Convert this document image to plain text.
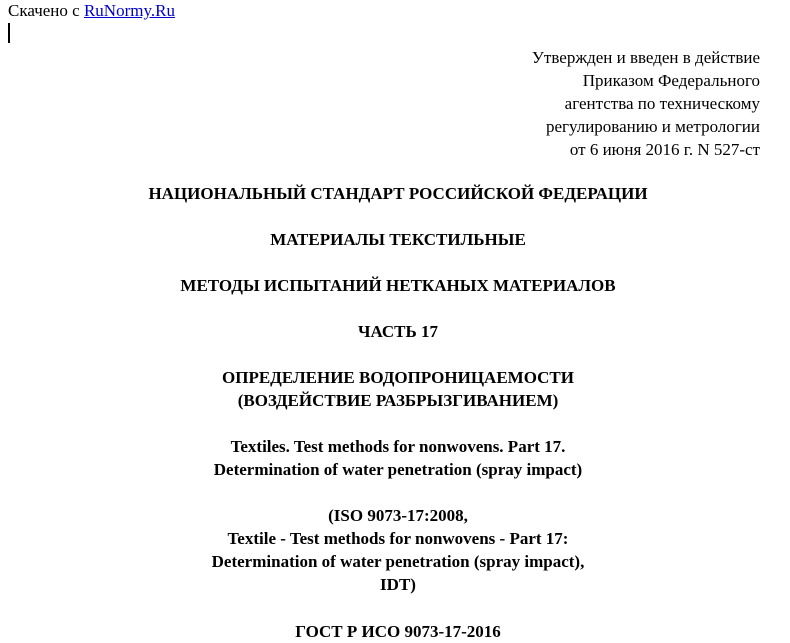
Скачено с RuNormy.Ru
Утвержден и введен в действие
Приказом Федерального
агентства по техническому
регулированию и метрологии
от 6 июня 2016 г. N 527-ст
НАЦИОНАЛЬНЫЙ СТАНДАРТ РОССИЙСКОЙ ФЕДЕРАЦИИ
МАТЕРИАЛЫ ТЕКСТИЛЬНЫЕ
МЕТОДЫ ИСПЫТАНИЙ НЕТКАНЫХ МАТЕРИАЛОВ
ЧАСТЬ 17
ОПРЕДЕЛЕНИЕ ВОДОПРОНИЦАЕМОСТИ
(ВОЗДЕЙСТВИЕ РАЗБРЫЗГИВАНИЕМ)
Textiles. Test methods for nonwovens. Part 17.
Determination of water penetration (spray impact)
(ISO 9073-17:2008,
Textile - Test methods for nonwovens - Part 17:
Determination of water penetration (spray impact),
IDT)
ГОСТ Р ИСО 9073-17-2016
